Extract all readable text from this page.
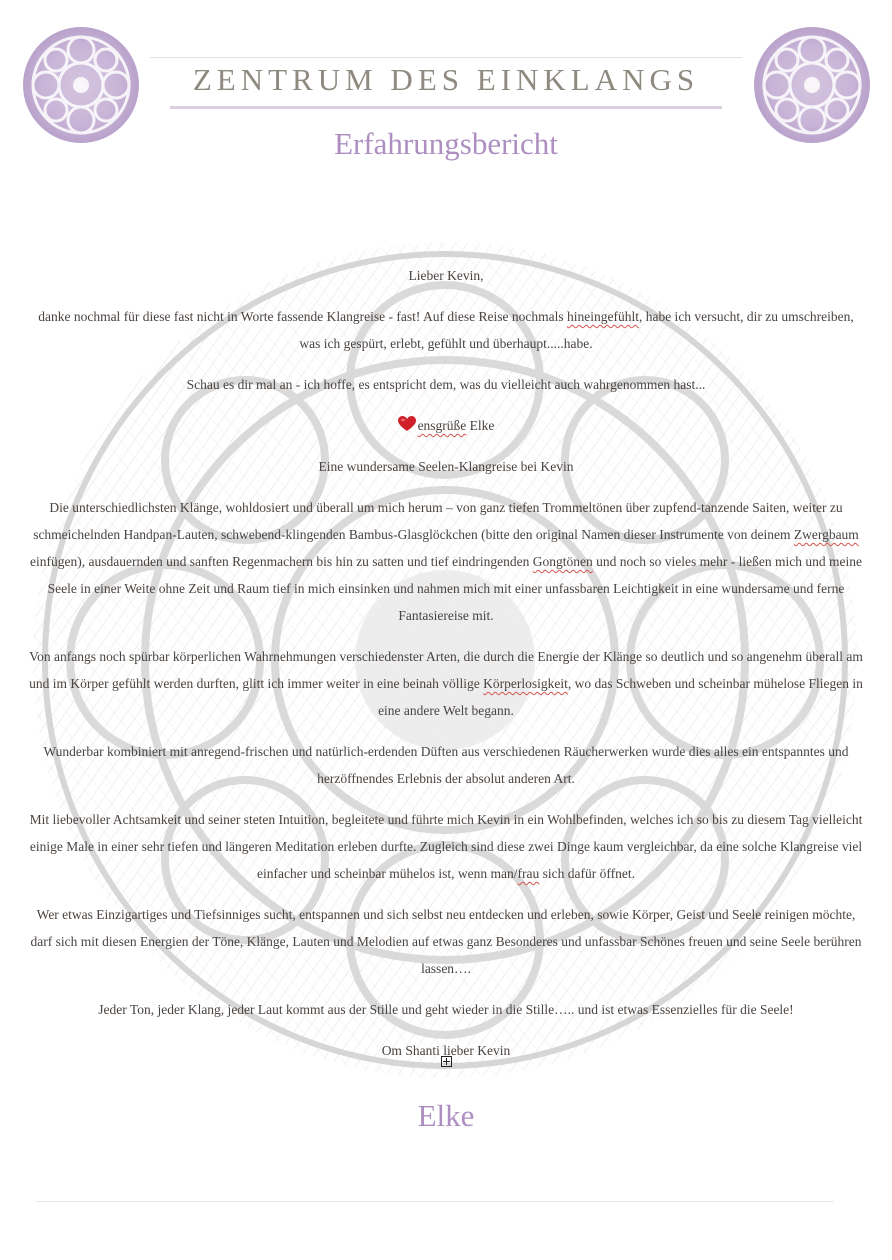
ZENTRUM DES EINKLANGS
Erfahrungsbericht

Lieber Kevin,

danke nochmal für diese fast nicht in Worte fassende Klangreise - fast! Auf diese Reise nochmals hineingefühlt, habe ich versucht, dir zu umschreiben, was ich gespürt, erlebt, gefühlt und überhaupt.....habe.

Schau es dir mal an - ich hoffe, es entspricht dem, was du vielleicht auch wahrgenommen hast...

ensgrüße Elke

Eine wundersame Seelen-Klangreise bei Kevin

Die unterschiedlichsten Klänge, wohldosiert und überall um mich herum – von ganz tiefen Trommeltönen über zupfend-tanzende Saiten, weiter zu schmeichelnden Handpan-Lauten, schwebend-klingenden Bambus-Glasglöckchen (bitte den original Namen dieser Instrumente von deinem Zwergbaum einfügen), ausdauernden und sanften Regenmachern bis hin zu satten und tief eindringenden Gongtönen und noch so vieles mehr - ließen mich und meine Seele in einer Weite ohne Zeit und Raum tief in mich einsinken und nahmen mich mit einer unfassbaren Leichtigkeit in eine wundersame und ferne Fantasiereise mit.

Von anfangs noch spürbar körperlichen Wahrnehmungen verschiedenster Arten, die durch die Energie der Klänge so deutlich und so angenehm überall am und im Körper gefühlt werden durften, glitt ich immer weiter in eine beinah völlige Körperlosigkeit, wo das Schweben und scheinbar mühelose Fliegen in eine andere Welt begann.

Wunderbar kombiniert mit anregend-frischen und natürlich-erdenden Düften aus verschiedenen Räucherwerken wurde dies alles ein entspanntes und herzöffnendes Erlebnis der absolut anderen Art.

Mit liebevoller Achtsamkeit und seiner steten Intuition, begleitete und führte mich Kevin in ein Wohlbefinden, welches ich so bis zu diesem Tag vielleicht einige Male in einer sehr tiefen und längeren Meditation erleben durfte. Zugleich sind diese zwei Dinge kaum vergleichbar, da eine solche Klangreise viel einfacher und scheinbar mühelos ist, wenn man/frau sich dafür öffnet.

Wer etwas Einzigartiges und Tiefsinniges sucht, entspannen und sich selbst neu entdecken und erleben, sowie Körper, Geist und Seele reinigen möchte, darf sich mit diesen Energien der Töne, Klänge, Lauten und Melodien auf etwas ganz Besonderes und unfassbar Schönes freuen und seine Seele berühren lassen….

Jeder Ton, jeder Klang, jeder Laut kommt aus der Stille und geht wieder in die Stille….. und ist etwas Essenzielles für die Seele!

Om Shanti lieber Kevin

Elke
